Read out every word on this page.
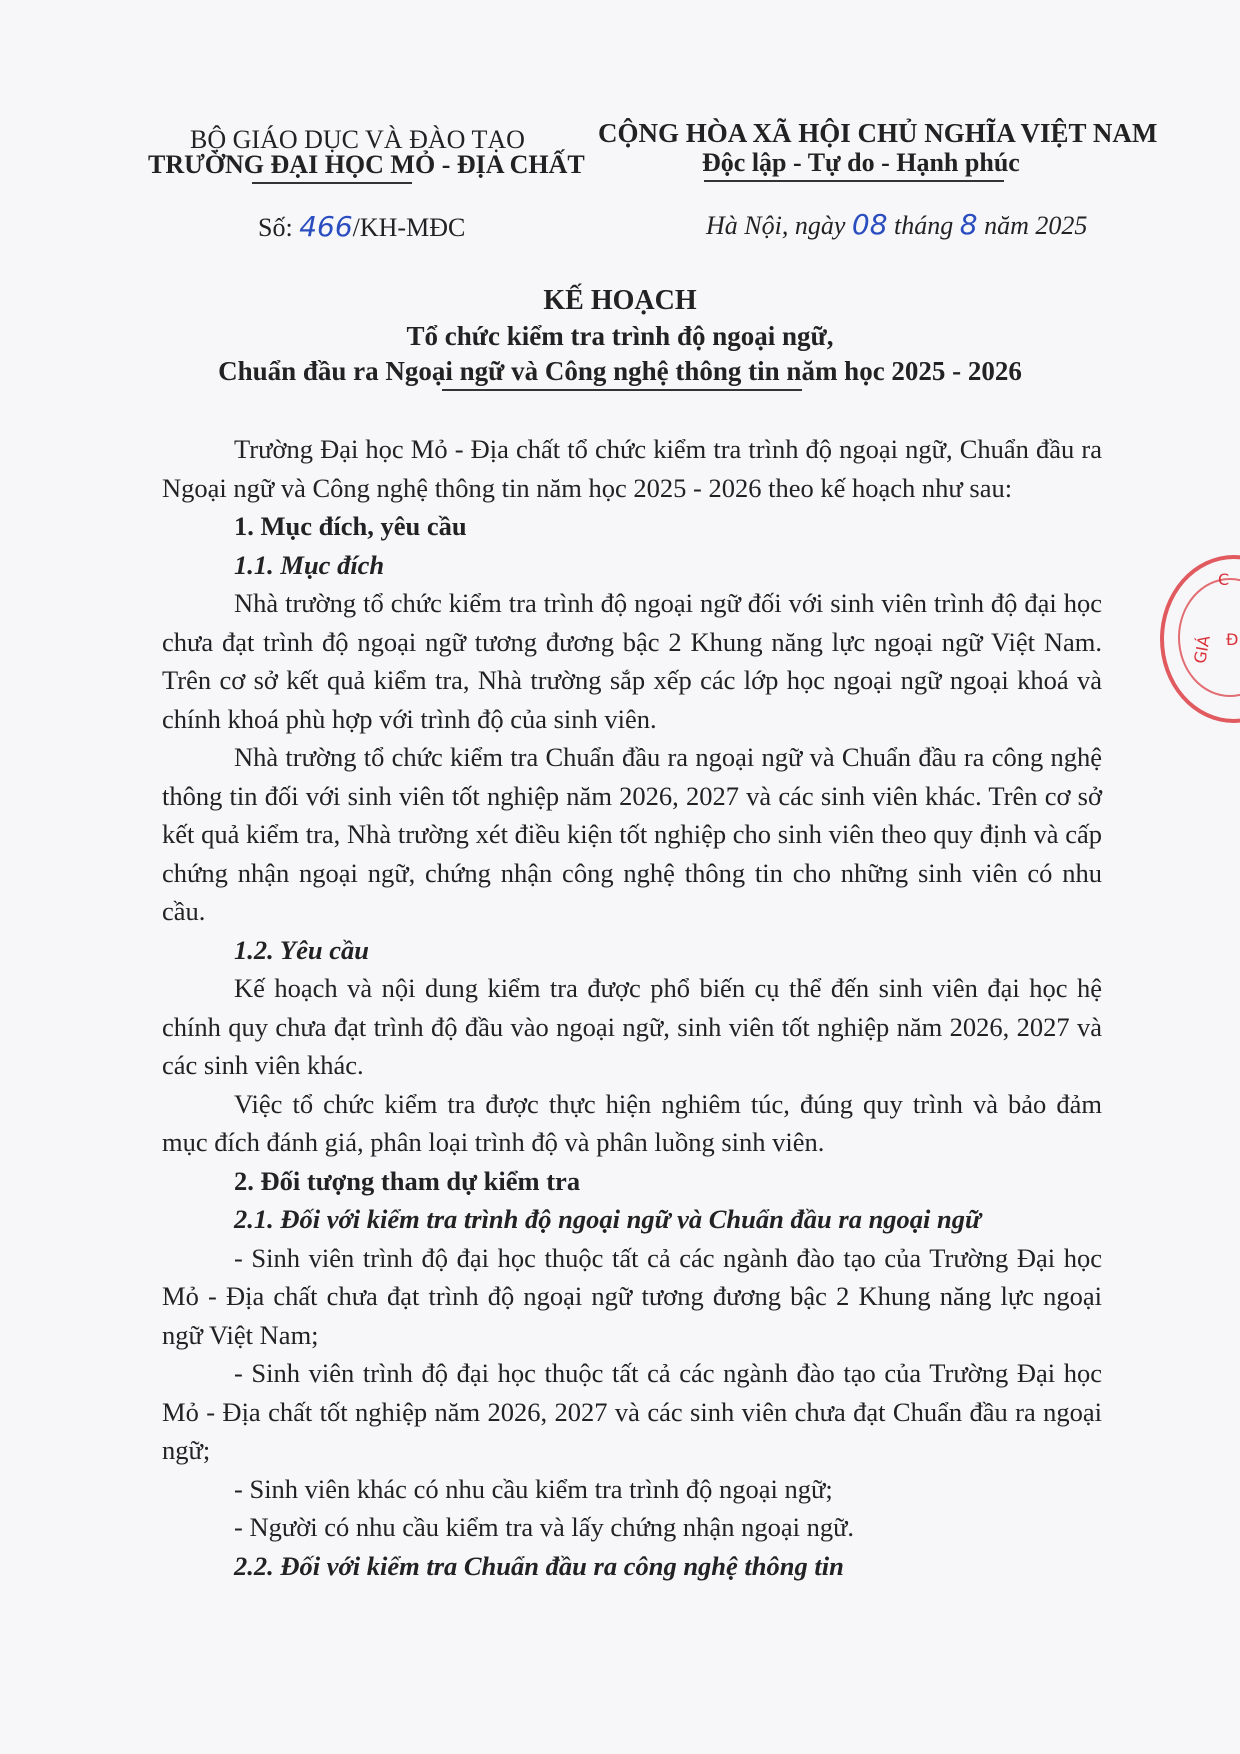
BỘ GIÁO DỤC VÀ ĐÀO TẠO
TRƯỜNG ĐẠI HỌC MỎ - ĐỊA CHẤT
CỘNG HÒA XÃ HỘI CHỦ NGHĨA VIỆT NAM
Độc lập - Tự do - Hạnh phúc
Số: 466/KH-MĐC	Hà Nội, ngày 08 tháng 8 năm 2025
KẾ HOẠCH
Tổ chức kiểm tra trình độ ngoại ngữ,
Chuẩn đầu ra Ngoại ngữ và Công nghệ thông tin năm học 2025 - 2026

Trường Đại học Mỏ - Địa chất tổ chức kiểm tra trình độ ngoại ngữ, Chuẩn đầu ra Ngoại ngữ và Công nghệ thông tin năm học 2025 - 2026 theo kế hoạch như sau:

1. Mục đích, yêu cầu

1.1. Mục đích

Nhà trường tổ chức kiểm tra trình độ ngoại ngữ đối với sinh viên trình độ đại học chưa đạt trình độ ngoại ngữ tương đương bậc 2 Khung năng lực ngoại ngữ Việt Nam. Trên cơ sở kết quả kiểm tra, Nhà trường sắp xếp các lớp học ngoại ngữ ngoại khoá và chính khoá phù hợp với trình độ của sinh viên.

Nhà trường tổ chức kiểm tra Chuẩn đầu ra ngoại ngữ và Chuẩn đầu ra công nghệ thông tin đối với sinh viên tốt nghiệp năm 2026, 2027 và các sinh viên khác. Trên cơ sở kết quả kiểm tra, Nhà trường xét điều kiện tốt nghiệp cho sinh viên theo quy định và cấp chứng nhận ngoại ngữ, chứng nhận công nghệ thông tin cho những sinh viên có nhu cầu.

1.2. Yêu cầu

Kế hoạch và nội dung kiểm tra được phổ biến cụ thể đến sinh viên đại học hệ chính quy chưa đạt trình độ đầu vào ngoại ngữ, sinh viên tốt nghiệp năm 2026, 2027 và các sinh viên khác.

Việc tổ chức kiểm tra được thực hiện nghiêm túc, đúng quy trình và bảo đảm mục đích đánh giá, phân loại trình độ và phân luồng sinh viên.

2. Đối tượng tham dự kiểm tra

2.1. Đối với kiểm tra trình độ ngoại ngữ và Chuẩn đầu ra ngoại ngữ

- Sinh viên trình độ đại học thuộc tất cả các ngành đào tạo của Trường Đại học Mỏ - Địa chất chưa đạt trình độ ngoại ngữ tương đương bậc 2 Khung năng lực ngoại ngữ Việt Nam;

- Sinh viên trình độ đại học thuộc tất cả các ngành đào tạo của Trường Đại học Mỏ - Địa chất tốt nghiệp năm 2026, 2027 và các sinh viên chưa đạt Chuẩn đầu ra ngoại ngữ;

- Sinh viên khác có nhu cầu kiểm tra trình độ ngoại ngữ;

- Người có nhu cầu kiểm tra và lấy chứng nhận ngoại ngữ.

2.2. Đối với kiểm tra Chuẩn đầu ra công nghệ thông tin

GIÁ Đ
C
